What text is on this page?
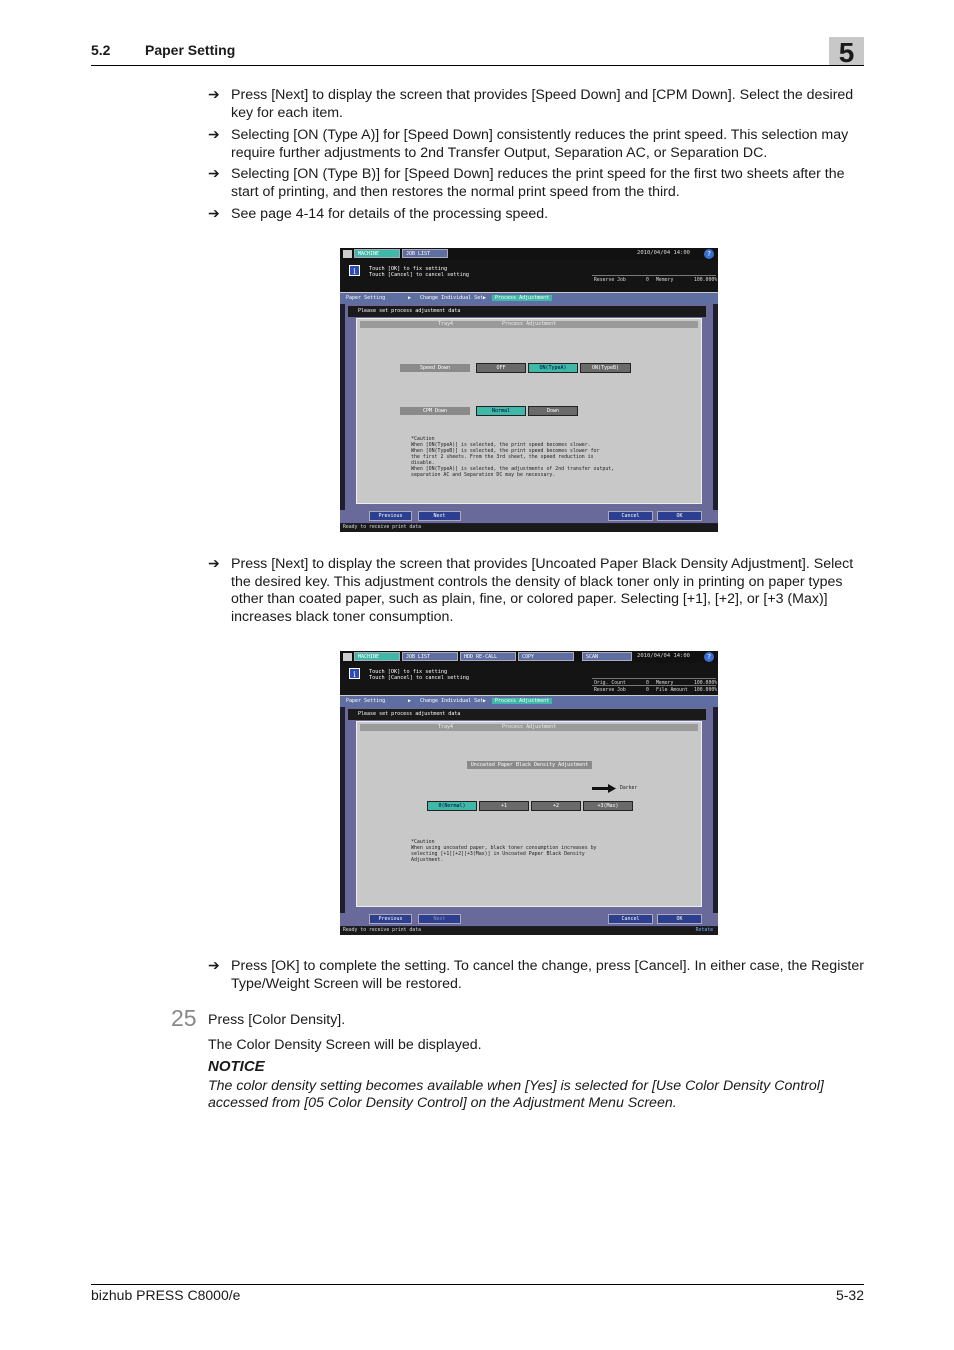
5.2 Paper Setting	5
➔ Press [Next] to display the screen that provides [Speed Down] and [CPM Down]. Select the desired key for each item.
➔ Selecting [ON (Type A)] for [Speed Down] consistently reduces the print speed. This selection may require further adjustments to 2nd Transfer Output, Separation AC, or Separation DC.
➔ Selecting [ON (Type B)] for [Speed Down] reduces the print speed for the first two sheets after the start of printing, and then restores the normal print speed from the third.
➔ See page 4-14 for details of the processing speed.
MACHINE	JOB LIST	2010/04/04 14:00	?
i	Touch [OK] to fix setting
Touch [Cancel] to cancel setting
Reserve Job	0 Memory	100.000%
Paper Setting	▶ Change Individual Set ▶	Process Adjustment
Please set process adjustment data
Tray4	Process Adjustment
Speed Down	OFF	ON(TypeA)	ON(TypeB)
CPM Down	Normal	Down
*Caution
When [ON(TypeA)] is selected, the print speed becomes slower.
When [ON(TypeB)] is selected, the print speed becomes slower for
the first 2 sheets. From the 3rd sheet, the speed reduction is
disable.
When [ON(TypeA)] is selected, the adjustments of 2nd transfer output,
separation AC and Separation DC may be necessary.
Previous	Next	Cancel	OK
Ready to receive print data
➔ Press [Next] to display the screen that provides [Uncoated Paper Black Density Adjustment]. Select the desired key. This adjustment controls the density of black toner only in printing on paper types other than coated paper, such as plain, fine, or colored paper. Selecting [+1], [+2], or [+3 (Max)] increases black toner consumption.
MACHINE	JOB LIST	HDD RE-CALL	COPY	SCAN	2010/04/04 14:00	?
i	Touch [OK] to fix setting
Touch [Cancel] to cancel setting
Orig. Count	0 Memory	100.000%
Reserve Job	0 File Amount 100.000%
Paper Setting	▶ Change Individual Set ▶	Process Adjustment
Please set process adjustment data
Tray4	Process Adjustment
Uncoated Paper Black Density Adjustment
Darker
0(Normal)	+1	+2	+3(Max)
*Caution
When using uncoated paper, black toner consumption increases by
selecting [+1][+2][+3(Max)] in Uncoated Paper Black Density
Adjustment.
Previous	Next	Cancel	OK
Ready to receive print data	Rotate
➔ Press [OK] to complete the setting. To cancel the change, press [Cancel]. In either case, the Register Type/Weight Screen will be restored.
25 Press [Color Density].
The Color Density Screen will be displayed.
NOTICE
The color density setting becomes available when [Yes] is selected for [Use Color Density Control] accessed from [05 Color Density Control] on the Adjustment Menu Screen.
bizhub PRESS C8000/e	5-32
